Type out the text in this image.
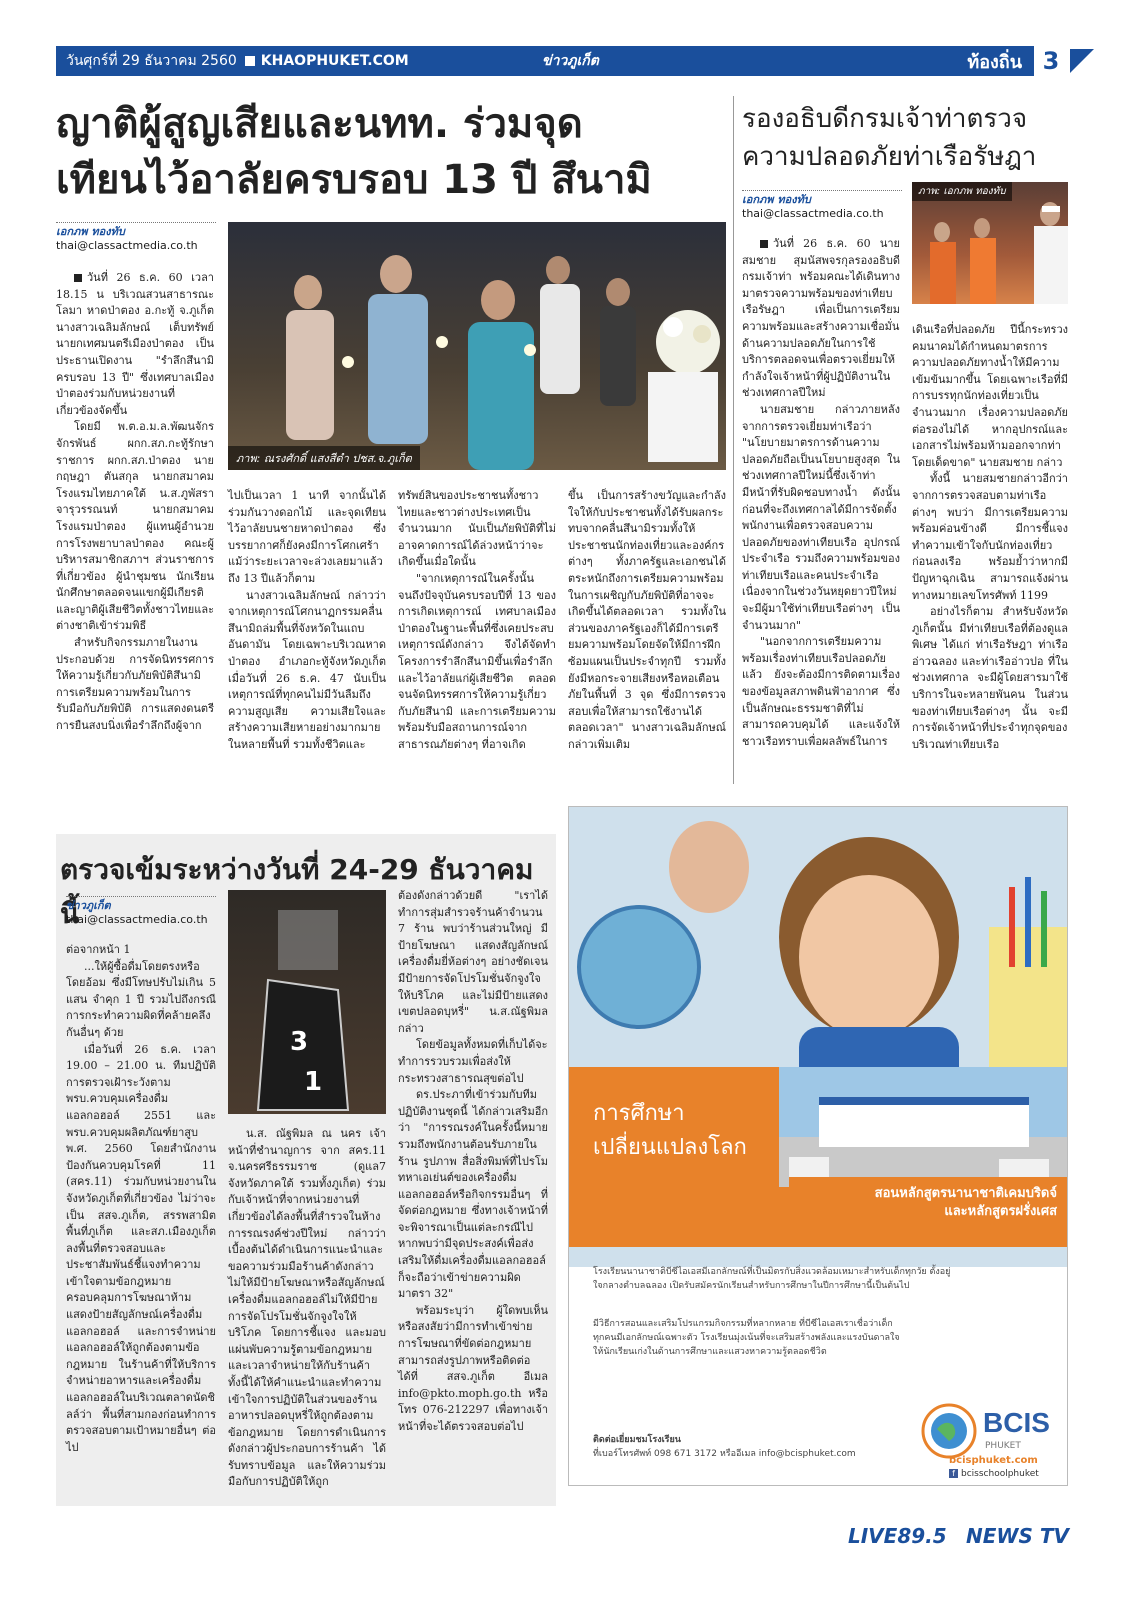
วันศุกร์ที่ 29 ธันวาคม 2560 KHAOPHUKET.COM	ข่าวภูเก็ต	ท้องถิ่น 3
ญาติผู้สูญเสียและนทท. ร่วมจุด
เทียนไว้อาลัยครบรอบ 13 ปี สึนามิ
รองอธิบดีกรมเจ้าท่าตรวจ
ความปลอดภัยท่าเรือรัษฎา
เอกภพ ทองทับ
thai@classactmedia.co.th
ภาพ: ณรงศักดิ์ แสงสีดำ ปชส.จ.ภูเก็ต

วันที่ 26 ธ.ค. 60 เวลา 18.15 น บริเวณสวนสาธารณะโลมา หาดป่าตอง อ.กะทู้ จ.ภูเก็ต นางสาวเฉลิมลักษณ์ เต็บทรัพย์ นายกเทศมนตรีเมืองป่าตอง เป็นประธานเปิดงาน "รำลึกสึนามิ ครบรอบ 13 ปี" ซึ่งเทศบาลเมืองป่าตองร่วมกับหน่วยงานที่เกี่ยวข้องจัดขึ้น

โดยมี พ.ต.อ.ม.ล.พัฒนจักร จักรพันธ์ ผกก.สภ.กะทู้รักษาราชการ ผกก.สภ.ป่าตอง นายกฤษฎา ตันสกุล นายกสมาคมโรงแรมไทยภาคใต้ น.ส.ภูพัสรา จารุวรรณนท์ นายกสมาคมโรงแรมป่าตอง ผู้แทนผู้อำนวยการโรงพยาบาลป่าตอง คณะผู้บริหารสมาชิกสภาฯ ส่วนราชการที่เกี่ยวข้อง ผู้นำชุมชน นักเรียนนักศึกษาตลอดจนแขกผู้มีเกียรติ และญาติผู้เสียชีวิตทั้งชาวไทยและต่างชาติเข้าร่วมพิธี

สำหรับกิจกรรมภายในงานประกอบด้วย การจัดนิทรรศการให้ความรู้เกี่ยวกับภัยพิบัติสึนามิ การเตรียมความพร้อมในการรับมือกับภัยพิบัติ การแสดงดนตรี การยืนสงบนิ่งเพื่อรำลึกถึงผู้จาก

ไปเป็นเวลา 1 นาที จากนั้นได้ร่วมกันวางดอกไม้ และจุดเทียนไว้อาลัยบนชายหาดป่าตอง ซึ่งบรรยากาศก็ยังคงมีการโศกเศร้าแม้ว่าระยะเวลาจะล่วงเลยมาแล้วถึง 13 ปีแล้วก็ตาม

นางสาวเฉลิมลักษณ์ กล่าวว่า จากเหตุการณ์โศกนาฏกรรมคลื่นสึนามิถล่มพื้นที่จังหวัดในแถบอันดามัน โดยเฉพาะบริเวณหาดป่าตอง อำเภอกะทู้จังหวัดภูเก็ต เมื่อวันที่ 26 ธ.ค. 47 นับเป็นเหตุการณ์ที่ทุกคนไม่มีวันลืมถึงความสูญเสีย ความเสียใจและสร้างความเสียหายอย่างมากมายในหลายพื้นที่ รวมทั้งชีวิตและ

ทรัพย์สินของประชาชนทั้งชาวไทยและชาวต่างประเทศเป็นจำนวนมาก นับเป็นภัยพิบัติที่ไม่อาจคาดการณ์ได้ล่วงหน้าว่าจะเกิดขึ้นเมื่อใดนั้น

"จากเหตุการณ์ในครั้งนั้นจนถึงปัจจุบันครบรอบปีที่ 13 ของการเกิดเหตุการณ์ เทศบาลเมืองป่าตองในฐานะพื้นที่ซึ่งเคยประสบเหตุการณ์ดังกล่าว จึงได้จัดทำโครงการรำลึกสึนามิขึ้นเพื่อรำลึกและไว้อาลัยแก่ผู้เสียชีวิต ตลอดจนจัดนิทรรศการให้ความรู้เกี่ยวกับภัยสึนามิ และการเตรียมความพร้อมรับมือสถานการณ์จากสาธารณภัยต่างๆ ที่อาจเกิด

ขึ้น เป็นการสร้างขวัญและกำลังใจให้กับประชาชนทั้งได้รับผลกระทบจากคลื่นสึนามิรวมทั้งให้ประชาชนนักท่องเที่ยวและองค์กรต่างๆ ทั้งภาครัฐและเอกชนได้ตระหนักถึงการเตรียมความพร้อมในการเผชิญกับภัยพิบัติที่อาจจะเกิดขึ้นได้ตลอดเวลา รวมทั้งในส่วนของภาครัฐเองก็ได้มีการเตรียมความพร้อมโดยจัดให้มีการฝึกซ้อมแผนเป็นประจำทุกปี รวมทั้งยังมีหอกระจายเสียงหรือหอเตือนภัยในพื้นที่ 3 จุด ซึ่งมีการตรวจสอบเพื่อให้สามารถใช้งานได้ตลอดเวลา" นางสาวเฉลิมลักษณ์ กล่าวเพิ่มเติม

เอกภพ ทองทับ
thai@classactmedia.co.th
ภาพ: เอกภพ ทองทับ

วันที่ 26 ธ.ค. 60 นายสมชาย สุมนัสพจรกุลรองอธิบดีกรมเจ้าท่า พร้อมคณะได้เดินทางมาตรวจความพร้อมของท่าเทียบเรือรัษฎา เพื่อเป็นการเตรียมความพร้อมและสร้างความเชื่อมั่นด้านความปลอดภัยในการใช้บริการตลอดจนเพื่อตรวจเยี่ยมให้กำลังใจเจ้าหน้าที่ผู้ปฏิบัติงานในช่วงเทศกาลปีใหม่

นายสมชาย กล่าวภายหลังจากการตรวจเยี่ยมท่าเรือว่า "นโยบายมาตรการด้านความปลอดภัยถือเป็นนโยบายสูงสุด ในช่วงเทศกาลปีใหม่นี้ซึ่งเจ้าท่ามีหน้าที่รับผิดชอบทางน้ำ ดังนั้นก่อนที่จะถึงเทศกาลได้มีการจัดตั้งพนักงานเพื่อตรวจสอบความปลอดภัยของท่าเทียบเรือ อุปกรณ์ประจำเรือ รวมถึงความพร้อมของท่าเทียบเรือและคนประจำเรือ เนื่องจากในช่วงวันหยุดยาวปีใหม่จะมีผู้มาใช้ท่าเทียบเรือต่างๆ เป็นจำนวนมาก"

"นอกจากการเตรียมความพร้อมเรื่องท่าเทียบเรือปลอดภัยแล้ว ยังจะต้องมีการติดตามเรื่องของข้อมูลสภาพดินฟ้าอากาศ ซึ่งเป็นลักษณะธรรมชาติที่ไม่สามารถควบคุมได้ และแจ้งให้ชาวเรือทราบเพื่อผลลัพธ์ในการ

เดินเรือที่ปลอดภัย ปีนี้กระทรวงคมนาคมได้กำหนดมาตรการความปลอดภัยทางน้ำให้มีความเข้มข้นมากขึ้น โดยเฉพาะเรือที่มีการบรรทุกนักท่องเที่ยวเป็นจำนวนมาก เรื่องความปลอดภัยต่อรองไม่ได้ หากอุปกรณ์และเอกสารไม่พร้อมห้ามออกจากท่าโดยเด็ดขาด" นายสมชาย กล่าว

ทั้งนี้ นายสมชายกล่าวอีกว่า จากการตรวจสอบตามท่าเรือต่างๆ พบว่า มีการเตรียมความพร้อมค่อนข้างดี มีการชี้แจงทำความเข้าใจกับนักท่องเที่ยวก่อนลงเรือ พร้อมย้ำว่าหากมีปัญหาฉุกเฉิน สามารถแจ้งผ่านทางหมายเลขโทรศัพท์ 1199

อย่างไรก็ตาม สำหรับจังหวัดภูเก็ตนั้น มีท่าเทียบเรือที่ต้องดูแลพิเศษ ได้แก่ ท่าเรือรัษฎา ท่าเรืออ่าวฉลอง และท่าเรืออ่าวปอ ที่ในช่วงเทศกาล จะมีผู้โดยสารมาใช้บริการในจะหลายพันคน ในส่วนของท่าเทียบเรือต่างๆ นั้น จะมีการจัดเจ้าหน้าที่ประจำทุกจุดของบริเวณท่าเทียบเรือ

ตรวจเข้มระหว่างวันที่ 24-29 ธันวาคม นี้
ข่าวภูเก็ต
thai@classactmedia.co.th
3
1
ต่อจากหน้า 1

...ให้ผู้ซื้อดื่มโดยตรงหรือโดยอ้อม ซึ่งมีโทษปรับไม่เกิน 5 แสน จำคุก 1 ปี รวมไปถึงกรณีการกระทำความผิดที่คล้ายคลึงกันอื่นๆ ด้วย

เมื่อวันที่ 26 ธ.ค. เวลา 19.00 – 21.00 น. ทีมปฏิบัติการตรวจเฝ้าระวังตาม พรบ.ควบคุมเครื่องดื่มแอลกอฮอล์ 2551 และพรบ.ควบคุมผลิตภัณฑ์ยาสูบ พ.ศ. 2560 โดยสำนักงานป้องกันควบคุมโรคที่ 11 (สคร.11) ร่วมกับหน่วยงานในจังหวัดภูเก็ตที่เกี่ยวข้อง ไม่ว่าจะเป็น สสจ.ภูเก็ต, สรรพสามิตพื้นที่ภูเก็ต และสภ.เมืองภูเก็ต ลงพื้นที่ตรวจสอบและประชาสัมพันธ์ชี้แจงทำความเข้าใจตามข้อกฎหมาย ครอบคลุมการโฆษณาห้ามแสดงป้ายสัญลักษณ์เครื่องดื่มแอลกอฮอล์ และการจำหน่ายแอลกอฮอล์ให้ถูกต้องตามข้อกฎหมาย ในร้านค้าที่ให้บริการจำหน่ายอาหารและเครื่องดื่มแอลกอฮอล์ในบริเวณตลาดนัดชิลล์ว่า พื้นที่สามกองก่อนทำการตรวจสอบตามเป้าหมายอื่นๆ ต่อไป

น.ส. ณัฐพิมล ณ นคร เจ้าหน้าที่ชำนาญการ จาก สคร.11 จ.นครศรีธรรมราช (ดูแล7 จังหวัดภาคใต้ รวมทั้งภูเก็ต) ร่วมกับเจ้าหน้าที่จากหน่วยงานที่เกี่ยวข้องได้ลงพื้นที่สำรวจในห้างการรณรงค์ช่วงปีใหม่ กล่าวว่า เบื้องต้นได้ดำเนินการแนะนำและขอความร่วมมือร้านค้าดังกล่าวไม่ให้มีป้ายโฆษณาหรือสัญลักษณ์เครื่องดื่มแอลกอฮอล์ไม่ให้มีป้ายการจัดโปรโมชั่นจักจูงใจให้บริโภค โดยการชี้แจง และมอบแผ่นพับความรู้ตามข้อกฎหมายและเวลาจำหน่ายให้กับร้านค้า ทั้งนี้ได้ให้คำแนะนำและทำความเข้าใจการปฏิบัติในส่วนของร้านอาหารปลอดบุหรี่ให้ถูกต้องตามข้อกฎหมาย โดยการดำเนินการดังกล่าวผู้ประกอบการร้านค้า ได้รับทราบข้อมูล และให้ความร่วมมือกับการปฏิบัติให้ถูก

ต้องดังกล่าวด้วยดี "เราได้ทำการสุ่มสำรวจร้านค้าจำนวน 7 ร้าน พบว่าร้านส่วนใหญ่ มีป้ายโฆษณา แสดงสัญลักษณ์เครื่องดื่มยี่ห้อต่างๆ อย่างชัดเจน มีป้ายการจัดโปรโมชั่นจักจูงใจให้บริโภค และไม่มีป้ายแสดงเขตปลอดบุหรี่" น.ส.ณัฐพิมล กล่าว

โดยข้อมูลทั้งหมดที่เก็บได้จะทำการรวบรวมเพื่อส่งให้กระทรวงสาธารณสุขต่อไป

ดร.ประภาที่เข้าร่วมกับทีมปฏิบัติงานชุดนี้ ได้กล่าวเสริมอีกว่า "การรณรงค์ในครั้งนี้หมายรวมถึงพนักงานต้อนรับภายในร้าน รูปภาพ สื่อสิ่งพิมพ์ที่ไปรโมทหาเอเย่นต์ของเครื่องดื่มแอลกอฮอล์หรือกิจกรรมอื่นๆ ที่จัดต่อกฎหมาย ซึ่งทางเจ้าหน้าที่จะพิจารณาเป็นแต่ละกรณีไป หากพบว่ามีจุดประสงค์เพื่อส่งเสริมให้ดื่มเครื่องดื่มแอลกอฮอล์ ก็จะถือว่าเข้าข่ายความผิด มาตรา 32"

พร้อมระบุว่า ผู้ใดพบเห็นหรือสงสัยว่ามีการทำเข้าข่ายการโฆษณาที่ขัดต่อกฎหมาย สามารถส่งรูปภาพหรือติดต่อได้ที่ สสจ.ภูเก็ต อีเมล info@pkto.moph.go.th หรือโทร 076-212297 เพื่อทางเจ้าหน้าที่จะได้ตรวจสอบต่อไป

การศึกษา
เปลี่ยนแปลงโลก
สอนหลักสูตรนานาชาติเคมบริดจ์
และหลักสูตรฝรั่งเศส
โรงเรียนนานาชาติบีซีไอเอสมีเอกลักษณ์ที่เป็นมิตรกับสิ่งแวดล้อมเหมาะสำหรับเด็กทุกวัย ตั้งอยู่ใจกลางตำบลฉลอง เปิดรับสมัครนักเรียนสำหรับการศึกษาในปีการศึกษานี้เป็นต้นไป
มีวิธีการสอนและเสริมโปรแกรมกิจกรรมที่หลากหลาย ที่บีซีไอเอสเราเชื่อว่าเด็กทุกคนมีเอกลักษณ์เฉพาะตัว โรงเรียนมุ่งเน้นที่จะเสริมสร้างพลังและแรงบันดาลใจให้นักเรียนเก่งในด้านการศึกษาและแสวงหาความรู้ตลอดชีวิต
ติดต่อเยี่ยมชมโรงเรียน
ที่เบอร์โทรศัพท์ 098 671 3172 หรืออีเมล info@bcisphuket.com
BCIS
PHUKET
bcisphuket.com
f bcisschoolphuket
LIVE89.5 NEWS TV
